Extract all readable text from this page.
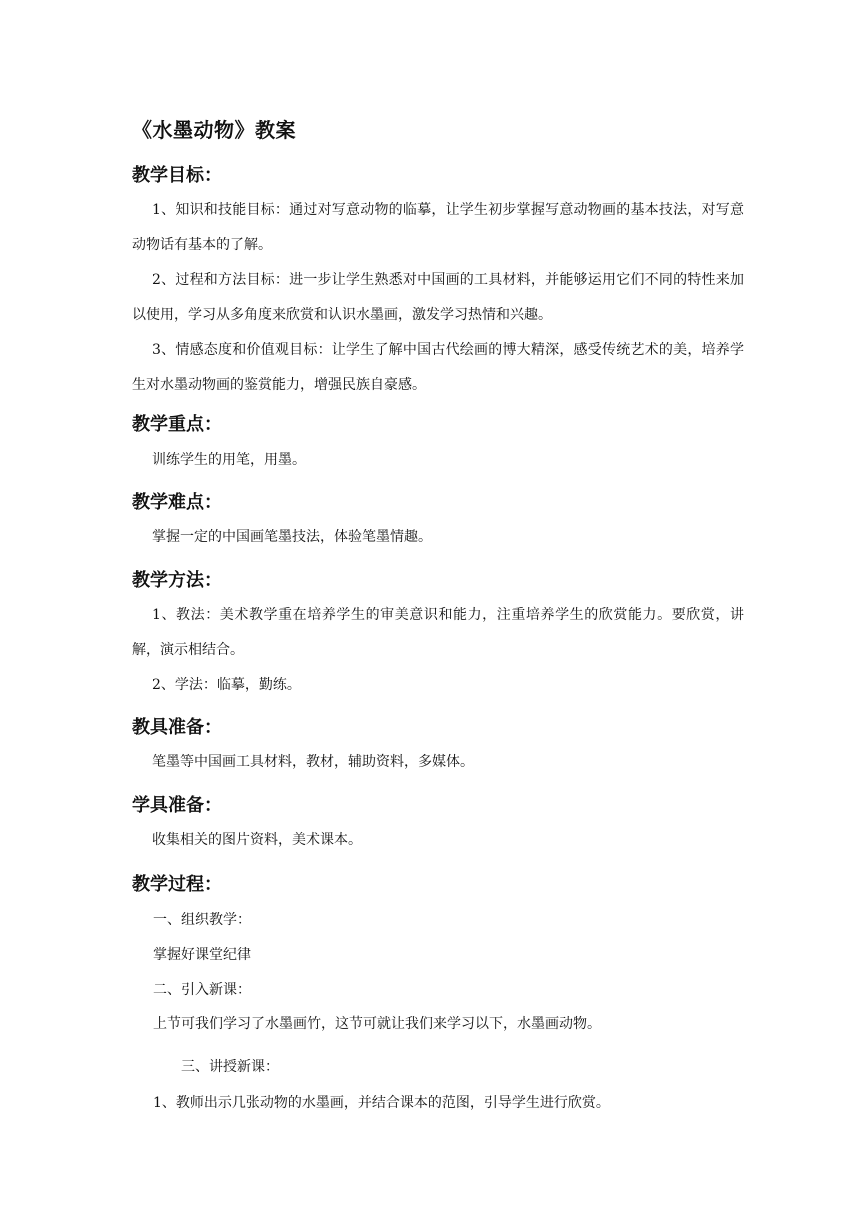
《水墨动物》教案
教学目标：

1、知识和技能目标：通过对写意动物的临摹，让学生初步掌握写意动物画的基本技法，对写意动物话有基本的了解。

2、过程和方法目标：进一步让学生熟悉对中国画的工具材料，并能够运用它们不同的特性来加以使用，学习从多角度来欣赏和认识水墨画，激发学习热情和兴趣。

3、情感态度和价值观目标：让学生了解中国古代绘画的博大精深，感受传统艺术的美，培养学生对水墨动物画的鉴赏能力，增强民族自豪感。

教学重点：

训练学生的用笔，用墨。

教学难点：

掌握一定的中国画笔墨技法，体验笔墨情趣。

教学方法：

1、教法：美术教学重在培养学生的审美意识和能力，注重培养学生的欣赏能力。要欣赏，讲解，演示相结合。

2、学法：临摹，勤练。

教具准备：

笔墨等中国画工具材料，教材，辅助资料，多媒体。

学具准备：

收集相关的图片资料，美术课本。

教学过程：

一、组织教学：

掌握好课堂纪律

二、引入新课：

上节可我们学习了水墨画竹，这节可就让我们来学习以下，水墨画动物。

三、讲授新课：

1、教师出示几张动物的水墨画，并结合课本的范图，引导学生进行欣赏。
